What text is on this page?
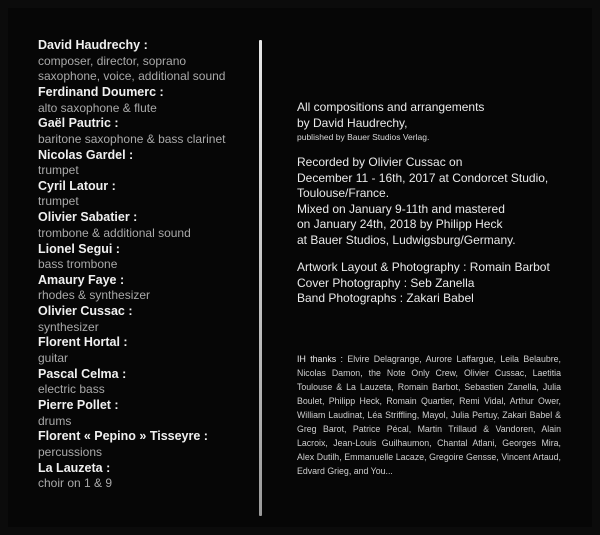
David Haudrechy :
composer, director, soprano
saxophone, voice, additional sound
Ferdinand Doumerc :
alto saxophone & flute
Gaël Pautric :
baritone saxophone & bass clarinet
Nicolas Gardel :
trumpet
Cyril Latour :
trumpet
Olivier Sabatier :
trombone & additional sound
Lionel Segui :
bass trombone
Amaury Faye :
rhodes & synthesizer
Olivier Cussac :
synthesizer
Florent Hortal :
guitar
Pascal Celma :
electric bass
Pierre Pollet :
drums
Florent « Pepino » Tisseyre :
percussions
La Lauzeta :
choir on 1 & 9
All compositions and arrangements
by David Haudrechy,
published by Bauer Studios Verlag.
Recorded by Olivier Cussac on
December 11 - 16th, 2017 at Condorcet Studio,
Toulouse/France.
Mixed on January 9-11th and mastered
on January 24th, 2018 by Philipp Heck
at Bauer Studios, Ludwigsburg/Germany.
Artwork Layout & Photography : Romain Barbot
Cover Photography : Seb Zanella
Band Photographs : Zakari Babel
IH thanks : Elvire Delagrange, Aurore Laffargue, Leila Belaubre, Nicolas Damon, the Note Only Crew, Olivier Cussac, Laetitia Toulouse & La Lauzeta, Romain Barbot, Sebastien Zanella, Julia Boulet, Philipp Heck, Romain Quartier, Remi Vidal, Arthur Ower, William Laudinat, Léa Striffling, Mayol, Julia Pertuy, Zakari Babel & Greg Barot, Patrice Pécal, Martin Trillaud & Vandoren, Alain Lacroix, Jean-Louis Guilhaumon, Chantal Atlani, Georges Mira, Alex Dutilh, Emmanuelle Lacaze, Gregoire Gensse, Vincent Artaud, Edvard Grieg, and You...
